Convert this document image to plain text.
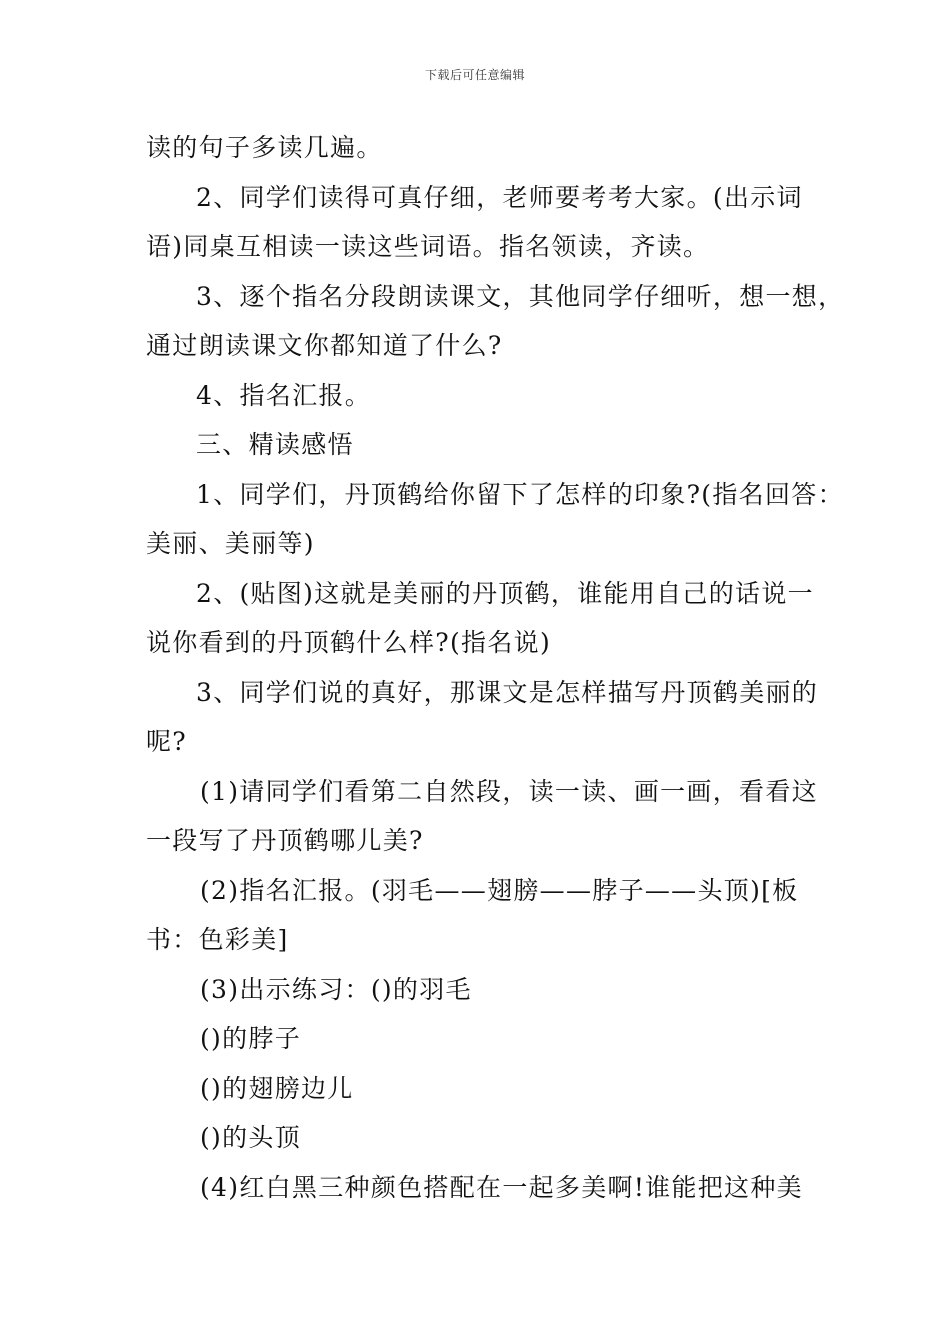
下载后可任意编辑
读的句子多读几遍。
2、同学们读得可真仔细，老师要考考大家。(出示词
语)同桌互相读一读这些词语。指名领读，齐读。
3、逐个指名分段朗读课文，其他同学仔细听，想一想，
通过朗读课文你都知道了什么?
4、指名汇报。
三、精读感悟
1、同学们，丹顶鹤给你留下了怎样的印象?(指名回答：
美丽、美丽等)
2、(贴图)这就是美丽的丹顶鹤，谁能用自己的话说一
说你看到的丹顶鹤什么样?(指名说)
3、同学们说的真好，那课文是怎样描写丹顶鹤美丽的
呢?
(1)请同学们看第二自然段，读一读、画一画，看看这
一段写了丹顶鹤哪儿美?
(2)指名汇报。(羽毛——翅膀——脖子——头顶)[板
书：色彩美]
(3)出示练习：()的羽毛
()的脖子
()的翅膀边儿
()的头顶
(4)红白黑三种颜色搭配在一起多美啊!谁能把这种美
